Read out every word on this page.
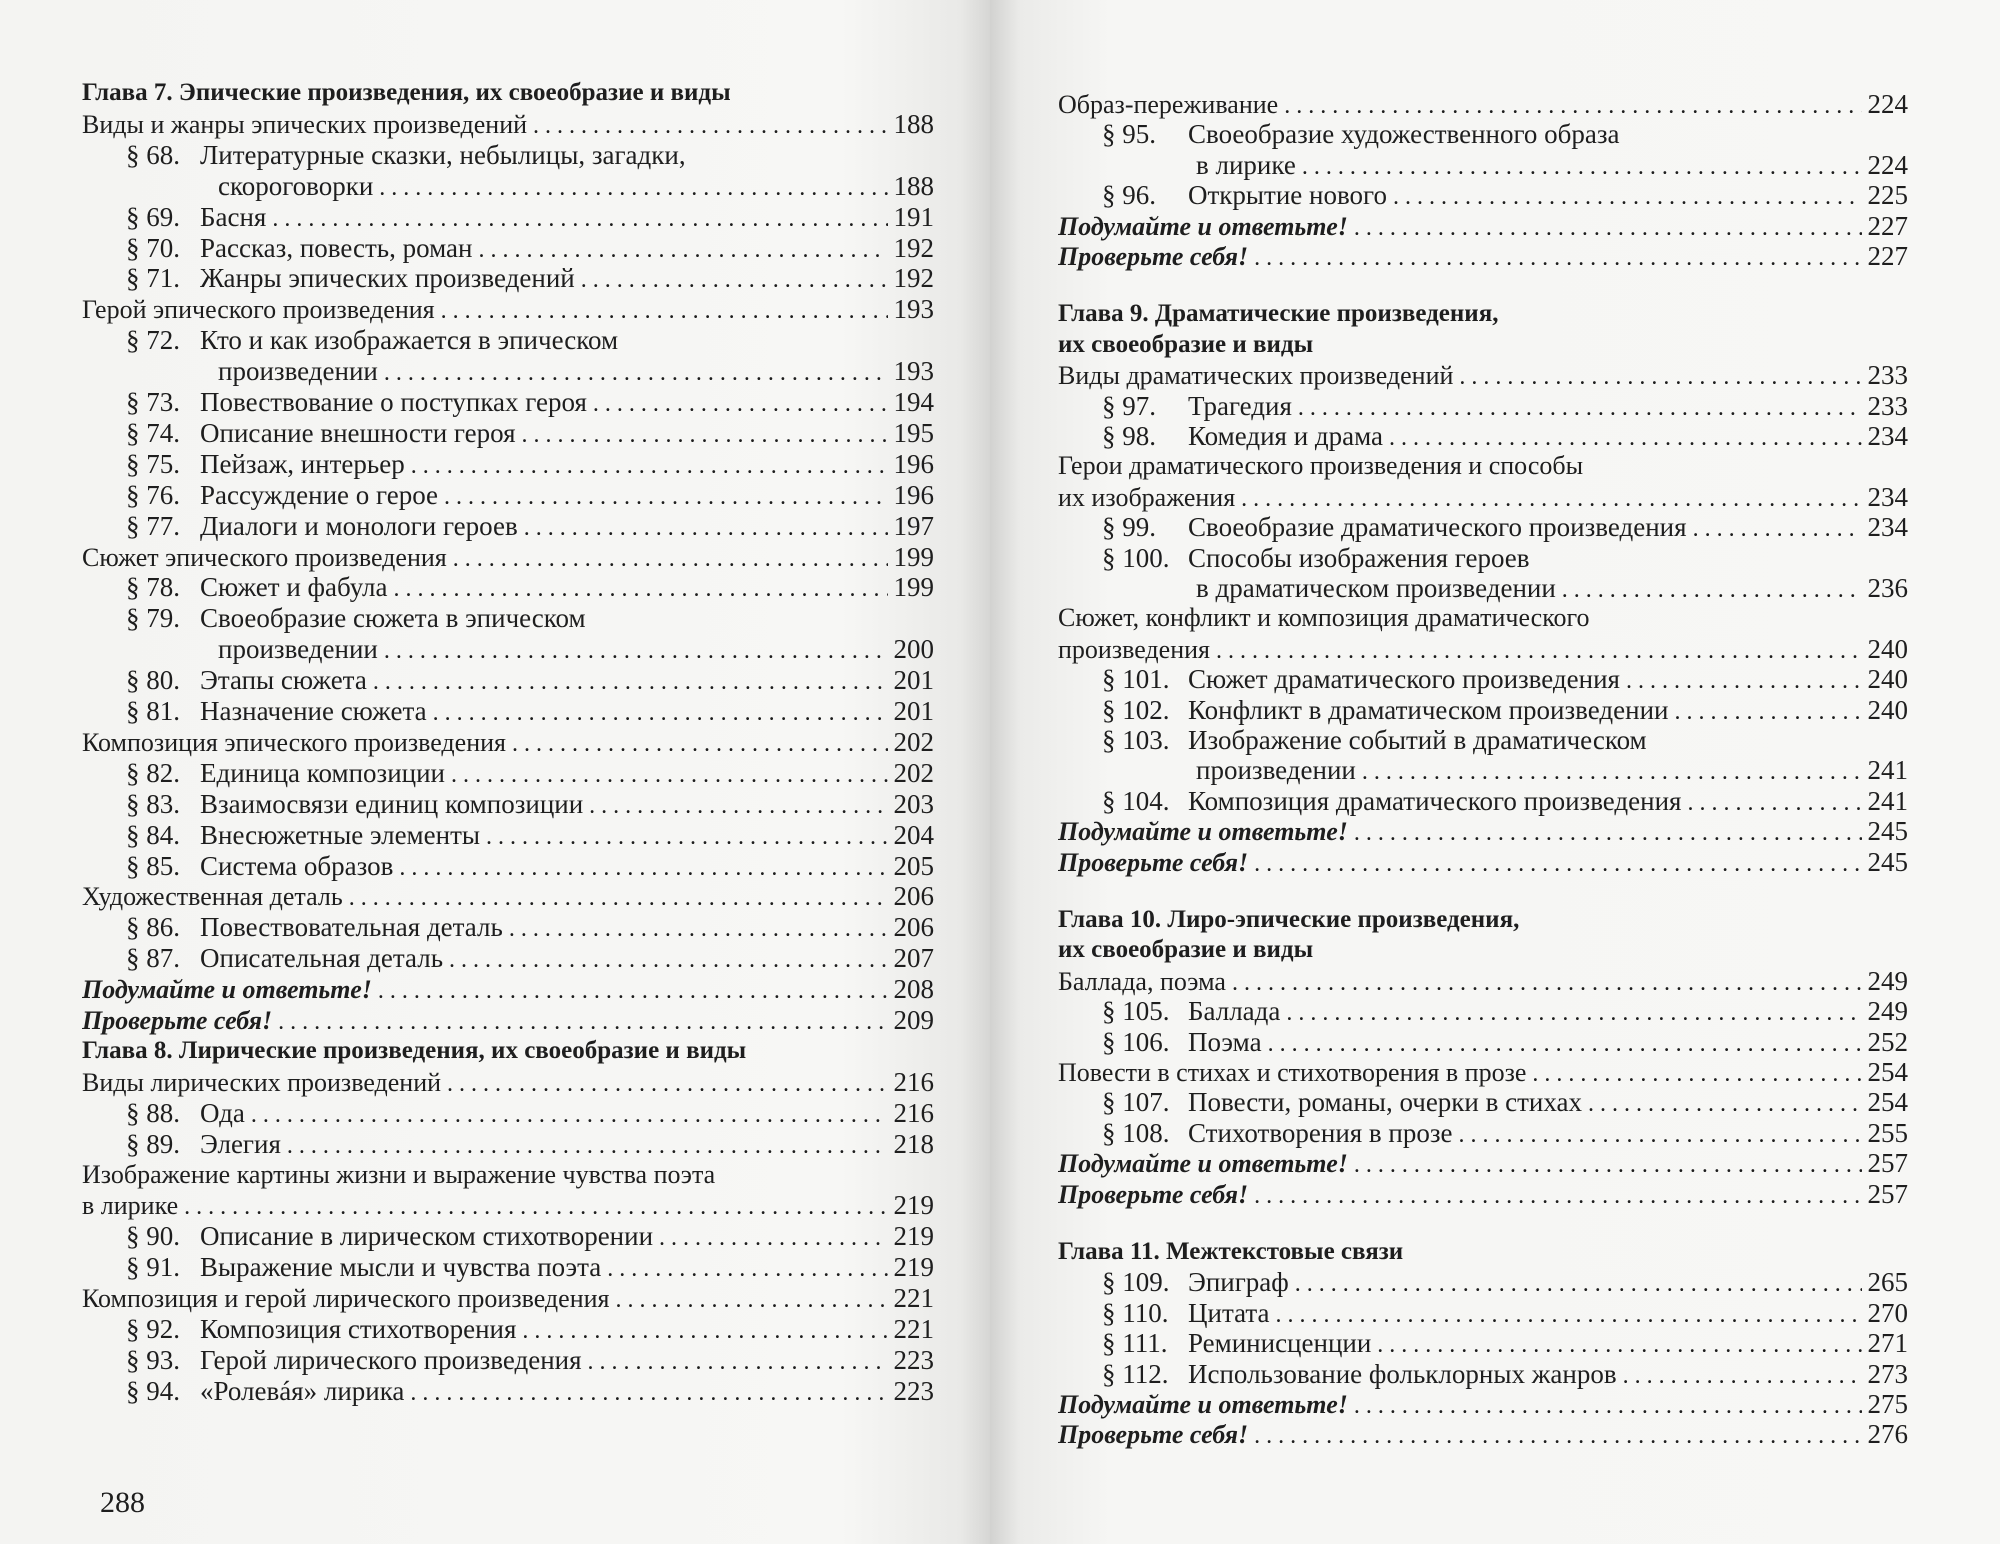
Глава 7. Эпические произведения, их своеобразие и виды
Виды и жанры эпических произведений . . .	188
§ 68. Литературные сказки, небылицы, загадки,
скороговорки . . .	188
§ 69. Басня . . .	191
§ 70. Рассказ, повесть, роман . . .	192
§ 71. Жанры эпических произведений . . .	192
Герой эпического произведения . . .	193
§ 72. Кто и как изображается в эпическом
произведении . . .	193
§ 73. Повествование о поступках героя . . .	194
§ 74. Описание внешности героя . . .	195
§ 75. Пейзаж, интерьер . . .	196
§ 76. Рассуждение о герое . . .	196
§ 77. Диалоги и монологи героев . . .	197
Сюжет эпического произведения . . .	199
§ 78. Сюжет и фабула . . .	199
§ 79. Своеобразие сюжета в эпическом
произведении . . .	200
§ 80. Этапы сюжета . . .	201
§ 81. Назначение сюжета . . .	201
Композиция эпического произведения . . .	202
§ 82. Единица композиции . . .	202
§ 83. Взаимосвязи единиц композиции . . .	203
§ 84. Внесюжетные элементы . . .	204
§ 85. Система образов . . .	205
Художественная деталь . . .	206
§ 86. Повествовательная деталь . . .	206
§ 87. Описательная деталь . . .	207
Подумайте и ответьте! . . .	208
Проверьте себя! . . .	209
Глава 8. Лирические произведения, их своеобразие и виды
Виды лирических произведений . . .	216
§ 88. Ода . . .	216
§ 89. Элегия . . .	218
Изображение картины жизни и выражение чувства поэта
в лирике . . .	219
§ 90. Описание в лирическом стихотворении . . .	219
§ 91. Выражение мысли и чувства поэта . . .	219
Композиция и герой лирического произведения . . .	221
§ 92. Композиция стихотворения . . .	221
§ 93. Герой лирического произведения . . .	223
§ 94. «Ролевáя» лирика . . .	223
288
Образ-переживание . . .	224
§ 95. Своеобразие художественного образа
в лирике . . .	224
§ 96. Открытие нового . . .	225
Подумайте и ответьте! . . .	227
Проверьте себя! . . .	227
Глава 9. Драматические произведения,
их своеобразие и виды
Виды драматических произведений . . .	233
§ 97. Трагедия . . .	233
§ 98. Комедия и драма . . .	234
Герои драматического произведения и способы
их изображения . . .	234
§ 99. Своеобразие драматического произведения . . .	234
§ 100. Способы изображения героев
в драматическом произведении . . .	236
Сюжет, конфликт и композиция драматического
произведения . . .	240
§ 101. Сюжет драматического произведения . . .	240
§ 102. Конфликт в драматическом произведении . . .	240
§ 103. Изображение событий в драматическом
произведении . . .	241
§ 104. Композиция драматического произведения . . .	241
Подумайте и ответьте! . . .	245
Проверьте себя! . . .	245
Глава 10. Лиро-эпические произведения,
их своеобразие и виды
Баллада, поэма . . .	249
§ 105. Баллада . . .	249
§ 106. Поэма . . .	252
Повести в стихах и стихотворения в прозе . . .	254
§ 107. Повести, романы, очерки в стихах . . .	254
§ 108. Стихотворения в прозе . . .	255
Подумайте и ответьте! . . .	257
Проверьте себя! . . .	257
Глава 11. Межтекстовые связи
§ 109. Эпиграф . . .	265
§ 110. Цитата . . .	270
§ 111. Реминисценции . . .	271
§ 112. Использование фольклорных жанров . . .	273
Подумайте и ответьте! . . .	275
Проверьте себя! . . .	276
